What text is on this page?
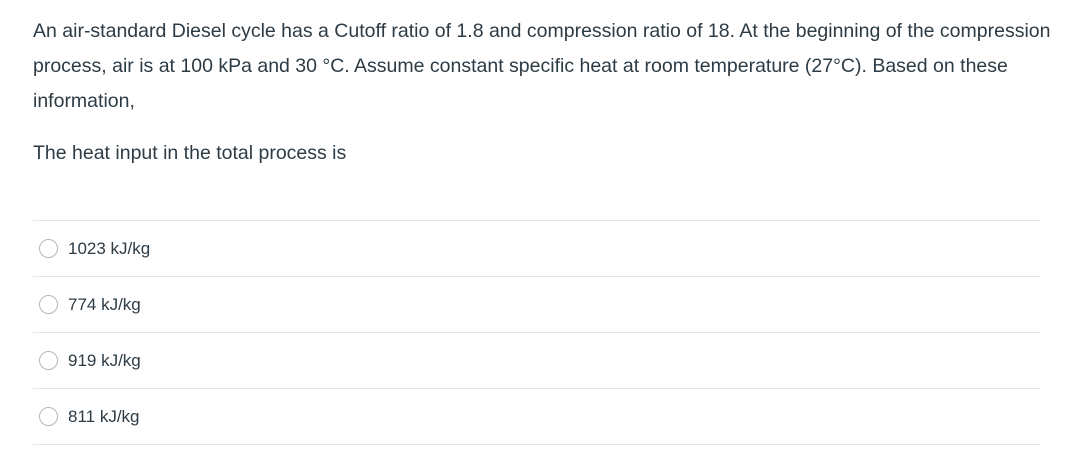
An air-standard Diesel cycle has a Cutoff ratio of 1.8 and compression ratio of 18. At the beginning of the compression process, air is at 100 kPa and 30 °C. Assume constant specific heat at room temperature (27°C). Based on these information,

The heat input in the total process is

1023 kJ/kg
774 kJ/kg
919 kJ/kg
811 kJ/kg
